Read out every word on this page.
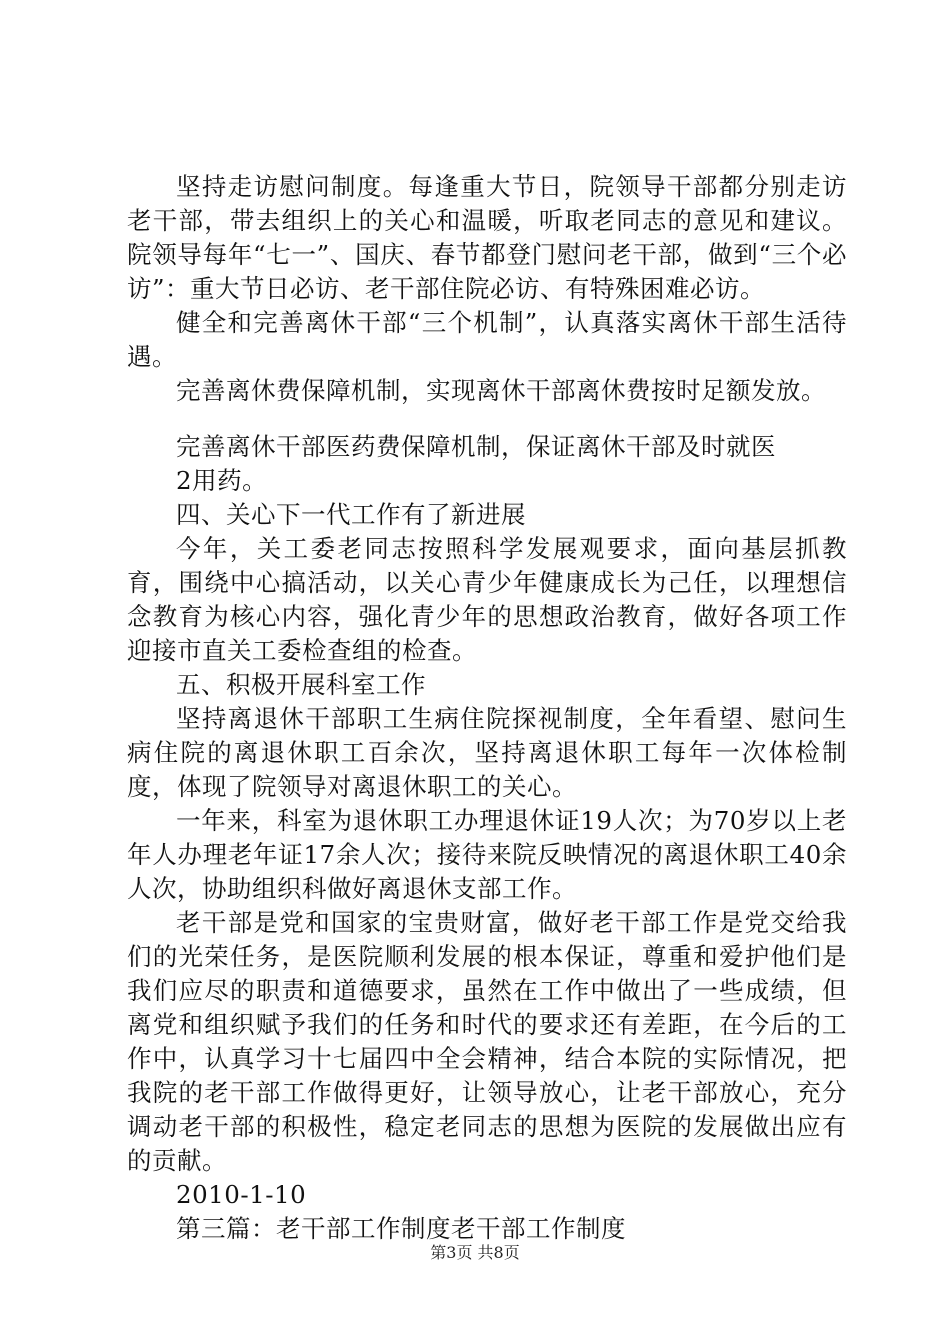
坚持走访慰问制度。每逢重大节日，院领导干部都分别走访老干部，带去组织上的关心和温暖，听取老同志的意见和建议。院领导每年“七一”、国庆、春节都登门慰问老干部，做到“三个必访”：重大节日必访、老干部住院必访、有特殊困难必访。

健全和完善离休干部“三个机制”，认真落实离休干部生活待遇。

完善离休费保障机制，实现离休干部离休费按时足额发放。

完善离休干部医药费保障机制，保证离休干部及时就医

2用药。

四、关心下一代工作有了新进展

今年，关工委老同志按照科学发展观要求，面向基层抓教育，围绕中心搞活动，以关心青少年健康成长为己任，以理想信念教育为核心内容，强化青少年的思想政治教育，做好各项工作迎接市直关工委检查组的检查。

五、积极开展科室工作

坚持离退休干部职工生病住院探视制度，全年看望、慰问生病住院的离退休职工百余次，坚持离退休职工每年一次体检制度，体现了院领导对离退休职工的关心。

一年来，科室为退休职工办理退休证19人次；为70岁以上老年人办理老年证17余人次；接待来院反映情况的离退休职工40余人次，协助组织科做好离退休支部工作。

老干部是党和国家的宝贵财富，做好老干部工作是党交给我们的光荣任务，是医院顺利发展的根本保证，尊重和爱护他们是我们应尽的职责和道德要求，虽然在工作中做出了一些成绩，但离党和组织赋予我们的任务和时代的要求还有差距，在今后的工作中，认真学习十七届四中全会精神，结合本院的实际情况，把我院的老干部工作做得更好，让领导放心，让老干部放心，充分调动老干部的积极性，稳定老同志的思想为医院的发展做出应有的贡献。

2010-1-10

第三篇：老干部工作制度老干部工作制度

第3页 共8页
